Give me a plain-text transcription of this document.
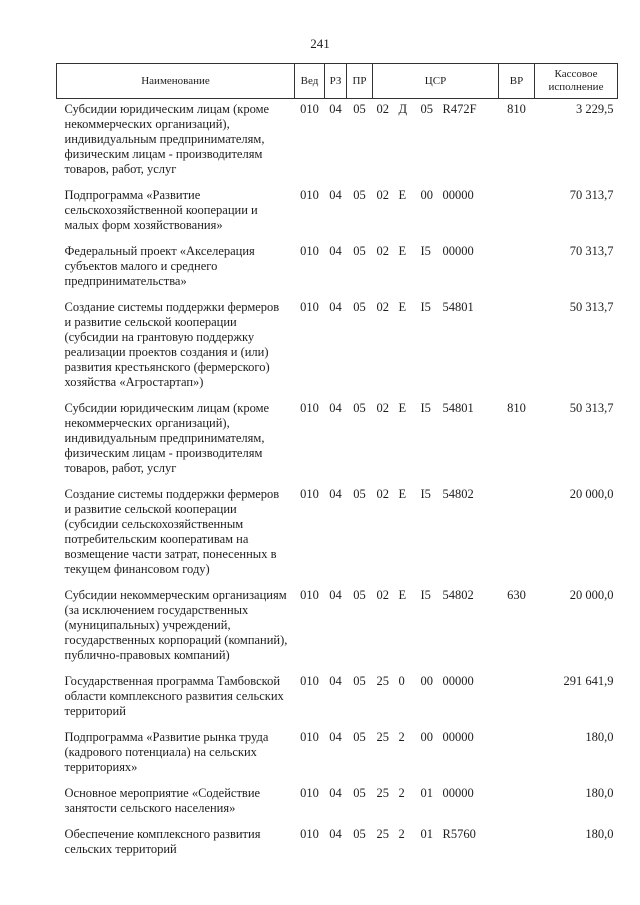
241
Наименование	Вед	РЗ	ПР	ЦСР	ВР	Кассовое исполнение
Субсидии юридическим лицам (кроме некоммерческих организаций), индивидуальным предпринимателям, физическим лицам - производителям товаров, работ, услуг	010	04	05	02 Д 05 R472F	810	3 229,5
Подпрограмма «Развитие сельскохозяйственной кооперации и малых форм хозяйствования»	010	04	05	02 Е 00 00000		70 313,7
Федеральный проект «Акселерация субъектов малого и среднего предпринимательства»	010	04	05	02 Е I5 00000		70 313,7
Создание системы поддержки фермеров и развитие сельской кооперации (субсидии на грантовую поддержку реализации проектов создания и (или) развития крестьянского (фермерского) хозяйства «Агростартап»)	010	04	05	02 Е I5 54801		50 313,7
Субсидии юридическим лицам (кроме некоммерческих организаций), индивидуальным предпринимателям, физическим лицам - производителям товаров, работ, услуг	010	04	05	02 Е I5 54801	810	50 313,7
Создание системы поддержки фермеров и развитие сельской кооперации (субсидии сельскохозяйственным потребительским кооперативам на возмещение части затрат, понесенных в текущем финансовом году)	010	04	05	02 Е I5 54802		20 000,0
Субсидии некоммерческим организациям (за исключением государственных (муниципальных) учреждений, государственных корпораций (компаний), публично-правовых компаний)	010	04	05	02 Е I5 54802	630	20 000,0
Государственная программа Тамбовской области комплексного развития сельских территорий	010	04	05	25 0 00 00000		291 641,9
Подпрограмма «Развитие рынка труда (кадрового потенциала) на сельских территориях»	010	04	05	25 2 00 00000		180,0
Основное мероприятие «Содействие занятости сельского населения»	010	04	05	25 2 01 00000		180,0
Обеспечение комплексного развития сельских территорий	010	04	05	25 2 01 R5760		180,0
